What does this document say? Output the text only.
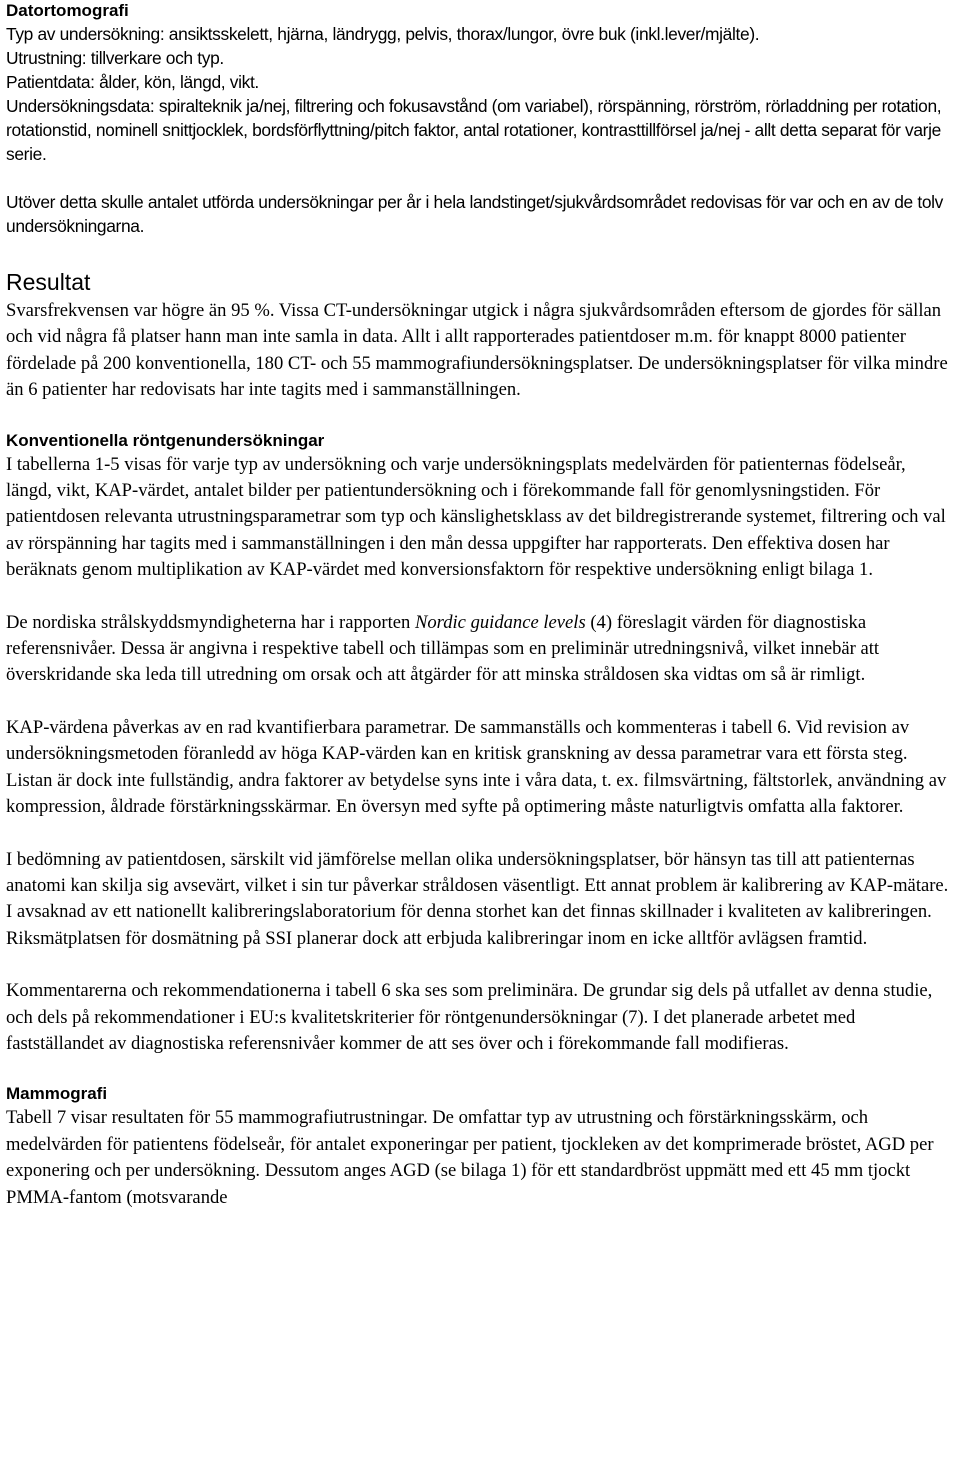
Datortomografi

Typ av undersökning: ansiktsskelett, hjärna, ländrygg, pelvis, thorax/lungor, övre buk (inkl.lever/mjälte).

Utrustning: tillverkare och typ.

Patientdata: ålder, kön, längd, vikt.

Undersökningsdata: spiralteknik ja/nej, filtrering och fokusavstånd (om variabel), rörspänning, rörström, rörladdning per rotation, rotationstid, nominell snittjocklek, bordsförflyttning/pitch faktor, antal rotationer, kontrasttillförsel ja/nej - allt detta separat för varje serie.

Utöver detta skulle antalet utförda undersökningar per år i hela landstinget/sjukvårdsområdet redovisas för var och en av de tolv undersökningarna.

Resultat

Svarsfrekvensen var högre än 95 %. Vissa CT-undersökningar utgick i några sjukvårdsområden eftersom de gjordes för sällan och vid några få platser hann man inte samla in data. Allt i allt rapporterades patientdoser m.m. för knappt 8000 patienter fördelade på 200 konventionella, 180 CT- och 55 mammografiundersökningsplatser. De undersökningsplatser för vilka mindre än 6 patienter har redovisats har inte tagits med i sammanställningen.

Konventionella röntgenundersökningar

I tabellerna 1-5 visas för varje typ av undersökning och varje undersökningsplats medelvärden för patienternas födelseår, längd, vikt, KAP-värdet, antalet bilder per patientundersökning och i förekommande fall för genomlysningstiden. För patientdosen relevanta utrustningsparametrar som typ och känslighetsklass av det bildregistrerande systemet, filtrering och val av rörspänning har tagits med i sammanställningen i den mån dessa uppgifter har rapporterats. Den effektiva dosen har beräknats genom multiplikation av KAP-värdet med konversionsfaktorn för respektive undersökning enligt bilaga 1.

De nordiska strålskyddsmyndigheterna har i rapporten Nordic guidance levels (4) föreslagit värden för diagnostiska referensnivåer. Dessa är angivna i respektive tabell och tillämpas som en preliminär utredningsnivå, vilket innebär att överskridande ska leda till utredning om orsak och att åtgärder för att minska stråldosen ska vidtas om så är rimligt.

KAP-värdena påverkas av en rad kvantifierbara parametrar. De sammanställs och kommenteras i tabell 6. Vid revision av undersökningsmetoden föranledd av höga KAP-värden kan en kritisk granskning av dessa parametrar vara ett första steg. Listan är dock inte fullständig, andra faktorer av betydelse syns inte i våra data, t. ex. filmsvärtning, fältstorlek, användning av kompression, åldrade förstärkningsskärmar. En översyn med syfte på optimering måste naturligtvis omfatta alla faktorer.

I bedömning av patientdosen, särskilt vid jämförelse mellan olika undersökningsplatser, bör hänsyn tas till att patienternas anatomi kan skilja sig avsevärt, vilket i sin tur påverkar stråldosen väsentligt. Ett annat problem är kalibrering av KAP-mätare. I avsaknad av ett nationellt kalibreringslaboratorium för denna storhet kan det finnas skillnader i kvaliteten av kalibreringen. Riksmätplatsen för dosmätning på SSI planerar dock att erbjuda kalibreringar inom en icke alltför avlägsen framtid.

Kommentarerna och rekommendationerna i tabell 6 ska ses som preliminära. De grundar sig dels på utfallet av denna studie, och dels på rekommendationer i EU:s kvalitetskriterier för röntgenundersökningar (7). I det planerade arbetet med fastställandet av diagnostiska referensnivåer kommer de att ses över och i förekommande fall modifieras.

Mammografi

Tabell 7 visar resultaten för 55 mammografiutrustningar. De omfattar typ av utrustning och förstärkningsskärm, och medelvärden för patientens födelseår, för antalet exponeringar per patient, tjockleken av det komprimerade bröstet, AGD per exponering och per undersökning. Dessutom anges AGD (se bilaga 1) för ett standardbröst uppmätt med ett 45 mm tjockt PMMA-fantom (motsvarande
